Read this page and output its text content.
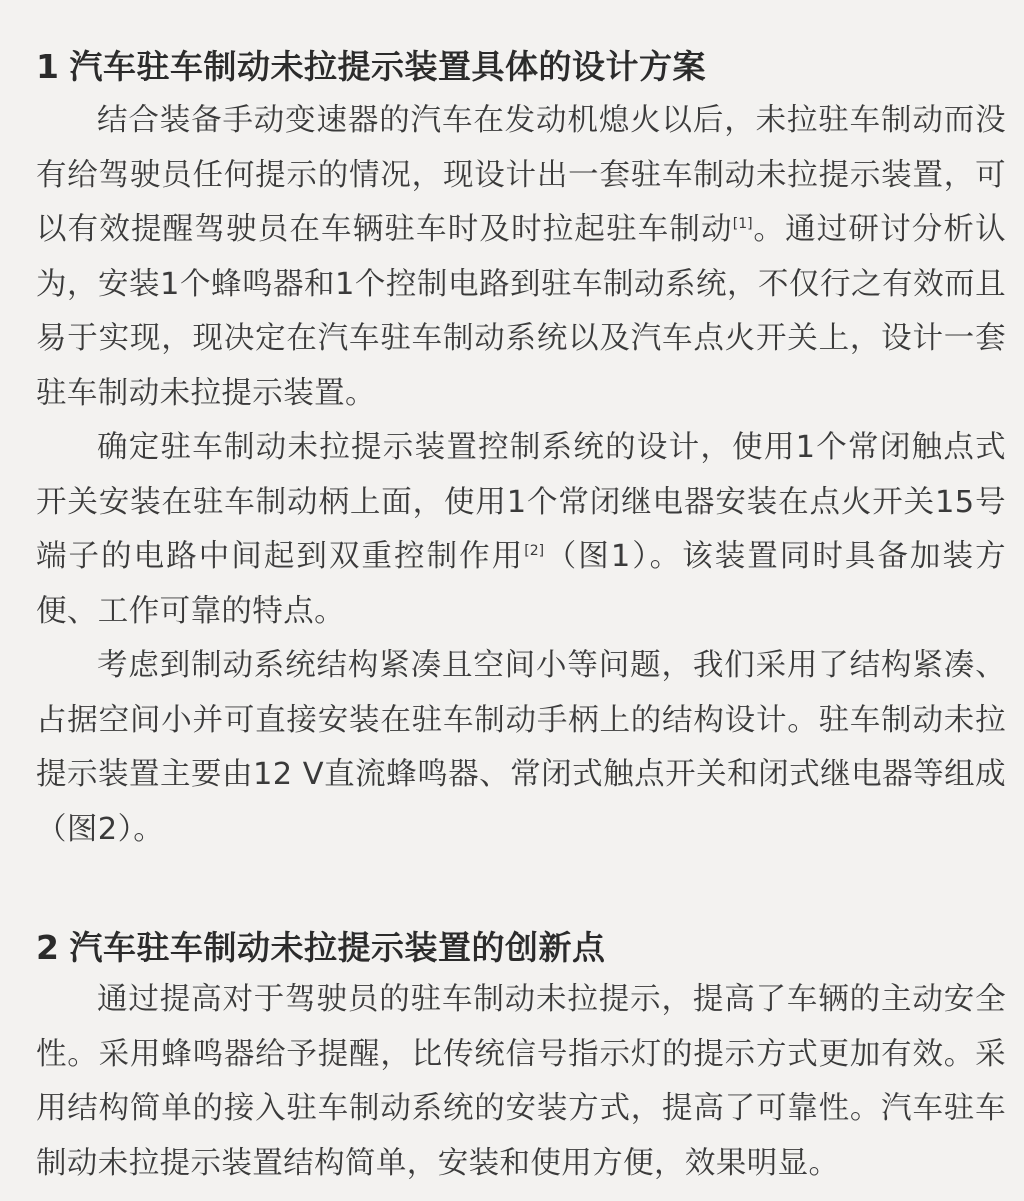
1 汽车驻车制动未拉提示装置具体的设计方案

结合装备手动变速器的汽车在发动机熄火以后，未拉驻车制动而没有给驾驶员任何提示的情况，现设计出一套驻车制动未拉提示装置，可以有效提醒驾驶员在车辆驻车时及时拉起驻车制动[1]。通过研讨分析认为，安装1个蜂鸣器和1个控制电路到驻车制动系统，不仅行之有效而且易于实现，现决定在汽车驻车制动系统以及汽车点火开关上，设计一套驻车制动未拉提示装置。

确定驻车制动未拉提示装置控制系统的设计，使用1个常闭触点式开关安装在驻车制动柄上面，使用1个常闭继电器安装在点火开关15号端子的电路中间起到双重控制作用[2]（图1）。该装置同时具备加装方便、工作可靠的特点。

考虑到制动系统结构紧凑且空间小等问题，我们采用了结构紧凑、占据空间小并可直接安装在驻车制动手柄上的结构设计。驻车制动未拉提示装置主要由12 V直流蜂鸣器、常闭式触点开关和闭式继电器等组成（图2）。

2 汽车驻车制动未拉提示装置的创新点

通过提高对于驾驶员的驻车制动未拉提示，提高了车辆的主动安全性。采用蜂鸣器给予提醒，比传统信号指示灯的提示方式更加有效。采用结构简单的接入驻车制动系统的安装方式，提高了可靠性。汽车驻车制动未拉提示装置结构简单，安装和使用方便，效果明显。
